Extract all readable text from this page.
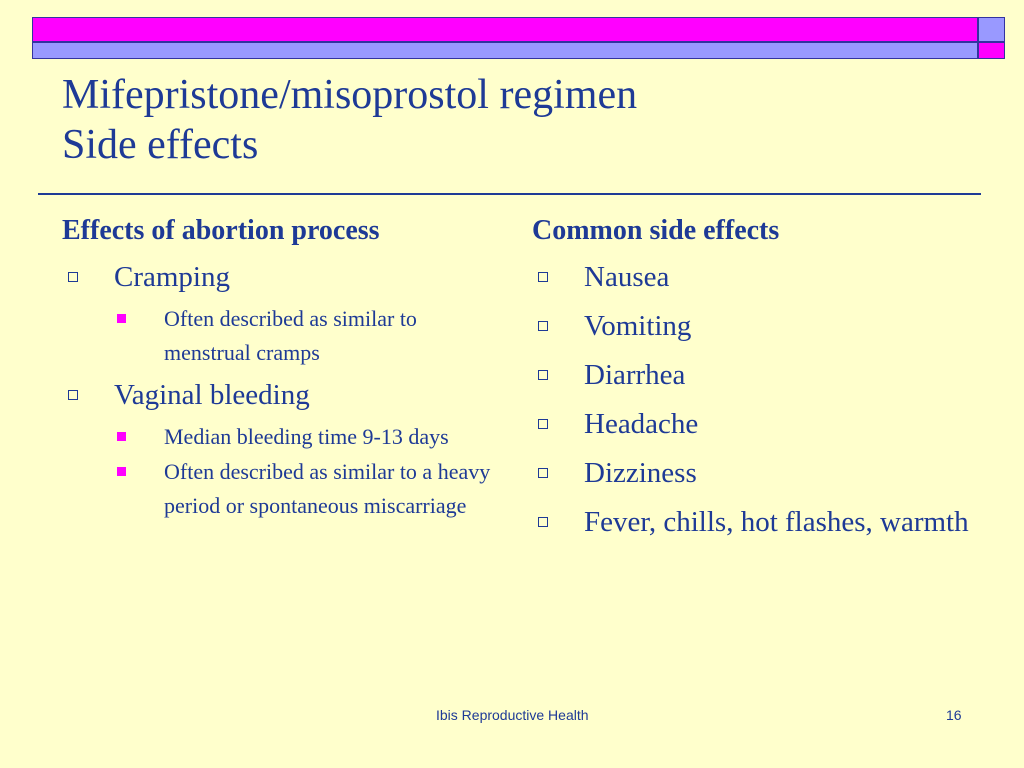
Mifepristone/misoprostol regimen
Side effects
Effects of abortion process
Cramping
Often described as similar to menstrual cramps
Vaginal bleeding
Median bleeding time 9-13 days
Often described as similar to a heavy period or spontaneous miscarriage
Common side effects
Nausea
Vomiting
Diarrhea
Headache
Dizziness
Fever, chills, hot flashes, warmth
Ibis Reproductive Health	16
